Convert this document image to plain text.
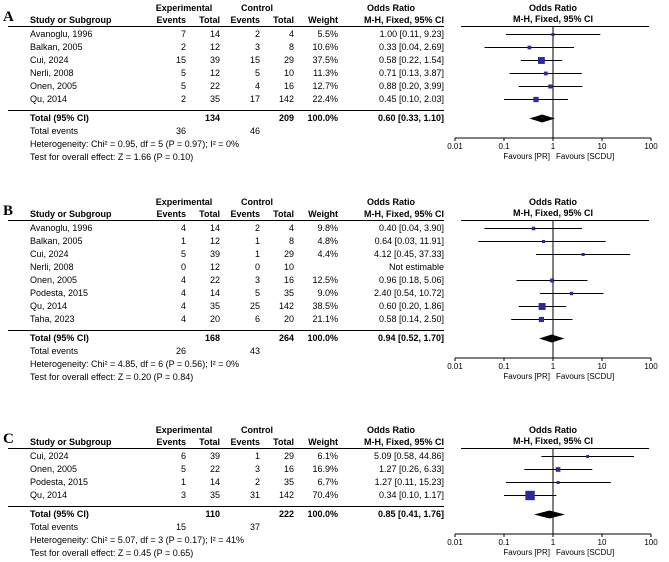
A
Experimental	Control	Odds Ratio	Odds Ratio
Study or Subgroup	Events	Total	Events	Total	Weight	M-H, Fixed, 95% CI	M-H, Fixed, 95% CI
Avanoglu, 1996	7	14	2	4	5.5%	1.00 [0.11, 9.23]
Balkan, 2005	2	12	3	8	10.6%	0.33 [0.04, 2.69]
Cui, 2024	15	39	15	29	37.5%	0.58 [0.22, 1.54]
Nerli, 2008	5	12	5	10	11.3%	0.71 [0.13, 3.87]
Onen, 2005	5	22	4	16	12.7%	0.88 [0.20, 3.99]
Qu, 2014	2	35	17	142	22.4%	0.45 [0.10, 2.03]
Total (95% CI)	134	209	100.0%	0.60 [0.33, 1.10]
Total events	36	46
Heterogeneity: Chi² = 0.95, df = 5 (P = 0.97); I² = 0%
Test for overall effect: Z = 1.66 (P = 0.10)
0.01	0.1	1	10	100
Favours [PR] Favours [SCDU]
B
Experimental	Control	Odds Ratio	Odds Ratio
Study or Subgroup	Events	Total	Events	Total	Weight	M-H, Fixed, 95% CI	M-H, Fixed, 95% CI
Avanoglu, 1996	4	14	2	4	9.8%	0.40 [0.04, 3.90]
Balkan, 2005	1	12	1	8	4.8%	0.64 [0.03, 11.91]
Cui, 2024	5	39	1	29	4.4%	4.12 [0.45, 37.33]
Nerli, 2008	0	12	0	10	Not estimable
Onen, 2005	4	22	3	16	12.5%	0.96 [0.18, 5.06]
Podesta, 2015	4	14	5	35	9.0%	2.40 [0.54, 10.72]
Qu, 2014	4	35	25	142	38.5%	0.60 [0.20, 1.86]
Taha, 2023	4	20	6	20	21.1%	0.58 [0.14, 2.50]
Total (95% CI)	168	264	100.0%	0.94 [0.52, 1.70]
Total events	26	43
Heterogeneity: Chi² = 4.85, df = 6 (P = 0.56); I² = 0%
Test for overall effect: Z = 0.20 (P = 0.84)
0.01	0.1	1	10	100
Favours [PR] Favours [SCDU]
C
Experimental	Control	Odds Ratio	Odds Ratio
Study or Subgroup	Events	Total	Events	Total	Weight	M-H, Fixed, 95% CI	M-H, Fixed, 95% CI
Cui, 2024	6	39	1	29	6.1%	5.09 [0.58, 44.86]
Onen, 2005	5	22	3	16	16.9%	1.27 [0.26, 6.33]
Podesta, 2015	1	14	2	35	6.7%	1.27 [0.11, 15.23]
Qu, 2014	3	35	31	142	70.4%	0.34 [0.10, 1.17]
Total (95% CI)	110	222	100.0%	0.85 [0.41, 1.76]
Total events	15	37
Heterogeneity: Chi² = 5.07, df = 3 (P = 0.17); I² = 41%
Test for overall effect: Z = 0.45 (P = 0.65)
0.01	0.1	1	10	100
Favours [PR] Favours [SCDU]
